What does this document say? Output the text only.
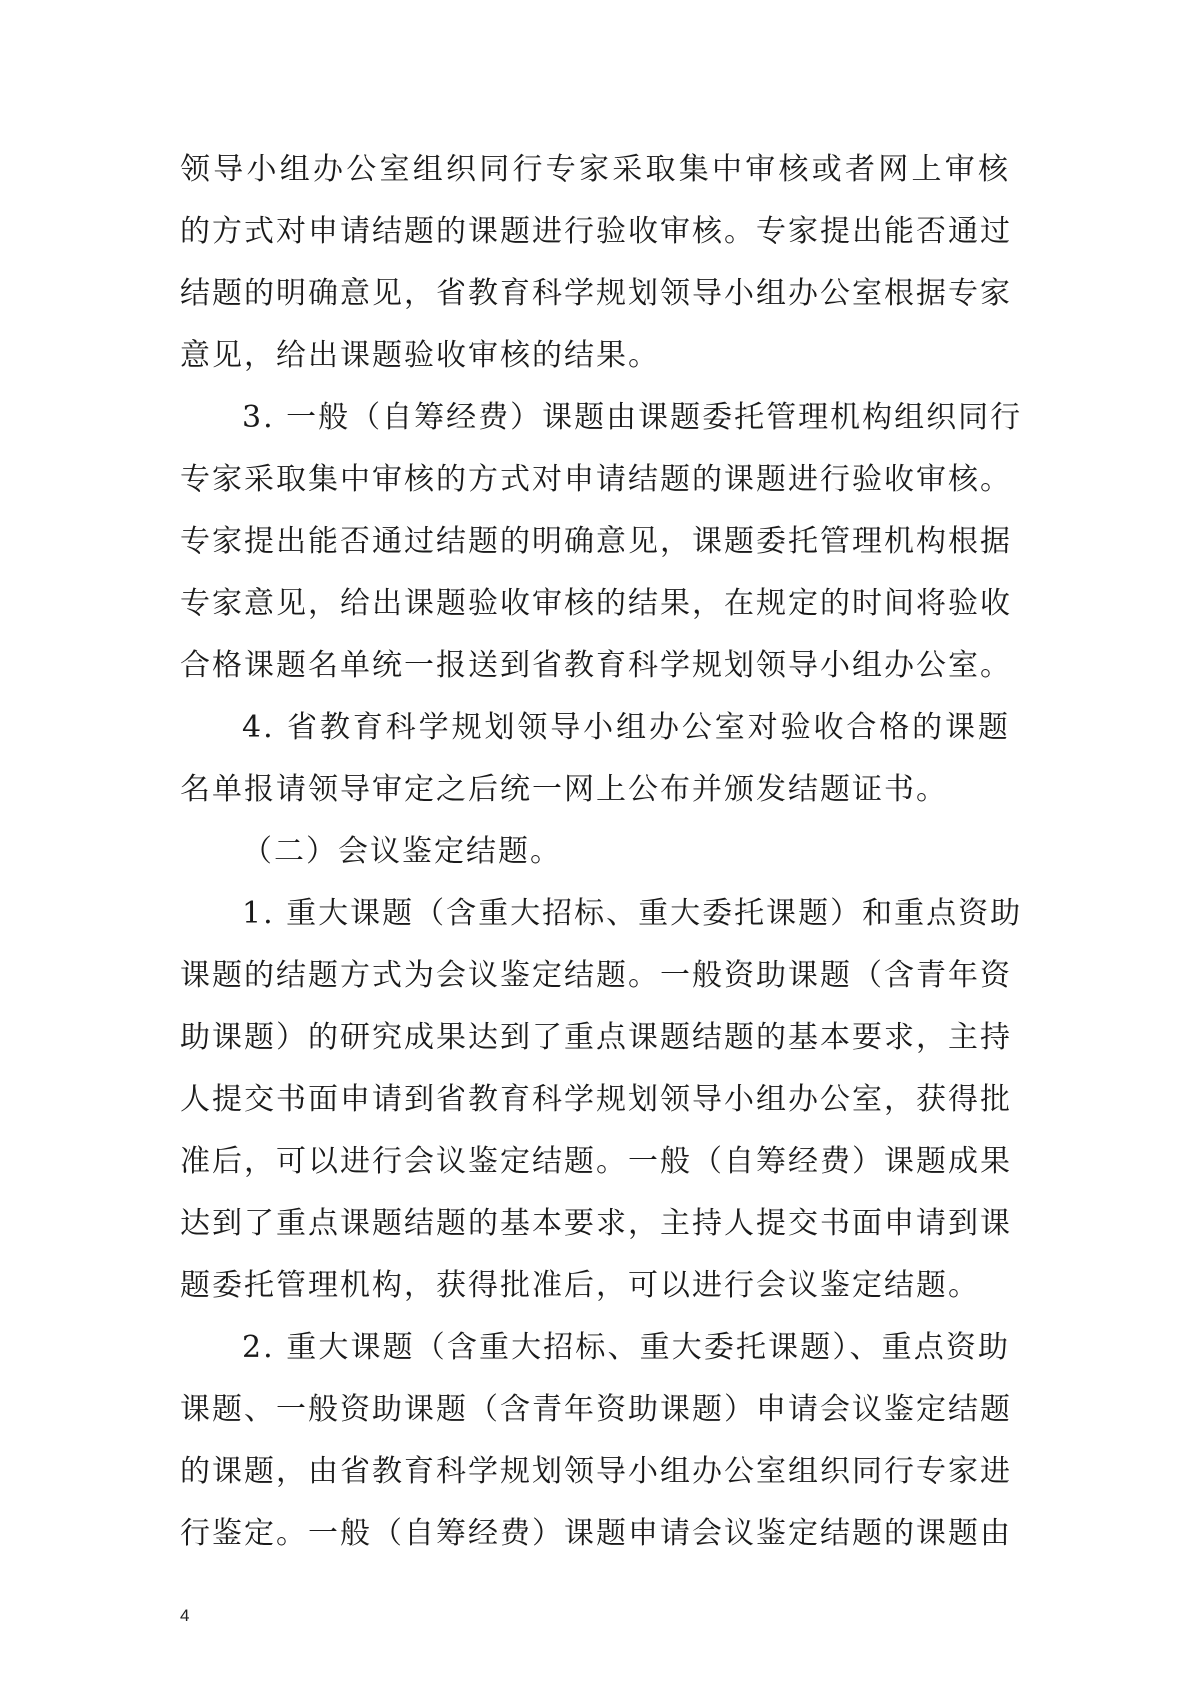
领导小组办公室组织同行专家采取集中审核或者网上审核
的方式对申请结题的课题进行验收审核。专家提出能否通过
结题的明确意见，省教育科学规划领导小组办公室根据专家
意见，给出课题验收审核的结果。
3. 一般（自筹经费）课题由课题委托管理机构组织同行
专家采取集中审核的方式对申请结题的课题进行验收审核。
专家提出能否通过结题的明确意见，课题委托管理机构根据
专家意见，给出课题验收审核的结果，在规定的时间将验收
合格课题名单统一报送到省教育科学规划领导小组办公室。
4. 省教育科学规划领导小组办公室对验收合格的课题
名单报请领导审定之后统一网上公布并颁发结题证书。
（二）会议鉴定结题。
1. 重大课题（含重大招标、重大委托课题）和重点资助
课题的结题方式为会议鉴定结题。一般资助课题（含青年资
助课题）的研究成果达到了重点课题结题的基本要求，主持
人提交书面申请到省教育科学规划领导小组办公室，获得批
准后，可以进行会议鉴定结题。一般（自筹经费）课题成果
达到了重点课题结题的基本要求，主持人提交书面申请到课
题委托管理机构，获得批准后，可以进行会议鉴定结题。
2. 重大课题（含重大招标、重大委托课题）、重点资助
课题、一般资助课题（含青年资助课题）申请会议鉴定结题
的课题，由省教育科学规划领导小组办公室组织同行专家进
行鉴定。一般（自筹经费）课题申请会议鉴定结题的课题由
4
